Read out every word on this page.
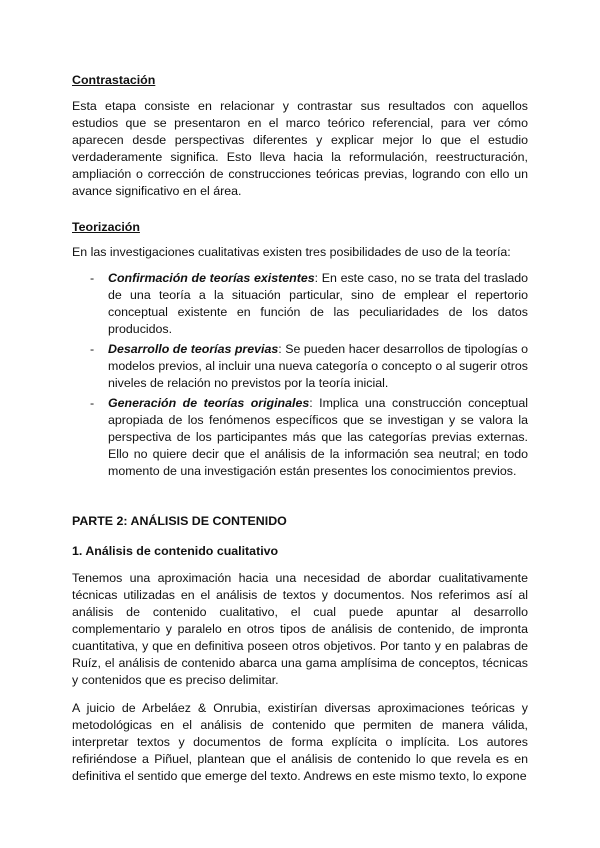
Contrastación

Esta etapa consiste en relacionar y contrastar sus resultados con aquellos estudios que se presentaron en el marco teórico referencial, para ver cómo aparecen desde perspectivas diferentes y explicar mejor lo que el estudio verdaderamente significa. Esto lleva hacia la reformulación, reestructuración, ampliación o corrección de construcciones teóricas previas, logrando con ello un avance significativo en el área.

Teorización

En las investigaciones cualitativas existen tres posibilidades de uso de la teoría:

- Confirmación de teorías existentes: En este caso, no se trata del traslado de una teoría a la situación particular, sino de emplear el repertorio conceptual existente en función de las peculiaridades de los datos producidos.
- Desarrollo de teorías previas: Se pueden hacer desarrollos de tipologías o modelos previos, al incluir una nueva categoría o concepto o al sugerir otros niveles de relación no previstos por la teoría inicial.
- Generación de teorías originales: Implica una construcción conceptual apropiada de los fenómenos específicos que se investigan y se valora la perspectiva de los participantes más que las categorías previas externas. Ello no quiere decir que el análisis de la información sea neutral; en todo momento de una investigación están presentes los conocimientos previos.

PARTE 2: ANÁLISIS DE CONTENIDO

1. Análisis de contenido cualitativo

Tenemos una aproximación hacia una necesidad de abordar cualitativamente técnicas utilizadas en el análisis de textos y documentos. Nos referimos así al análisis de contenido cualitativo, el cual puede apuntar al desarrollo complementario y paralelo en otros tipos de análisis de contenido, de impronta cuantitativa, y que en definitiva poseen otros objetivos. Por tanto y en palabras de Ruíz, el análisis de contenido abarca una gama amplísima de conceptos, técnicas y contenidos que es preciso delimitar.

A juicio de Arbeláez & Onrubia, existirían diversas aproximaciones teóricas y metodológicas en el análisis de contenido que permiten de manera válida, interpretar textos y documentos de forma explícita o implícita. Los autores refiriéndose a Piñuel, plantean que el análisis de contenido lo que revela es en definitiva el sentido que emerge del texto. Andrews en este mismo texto, lo expone
